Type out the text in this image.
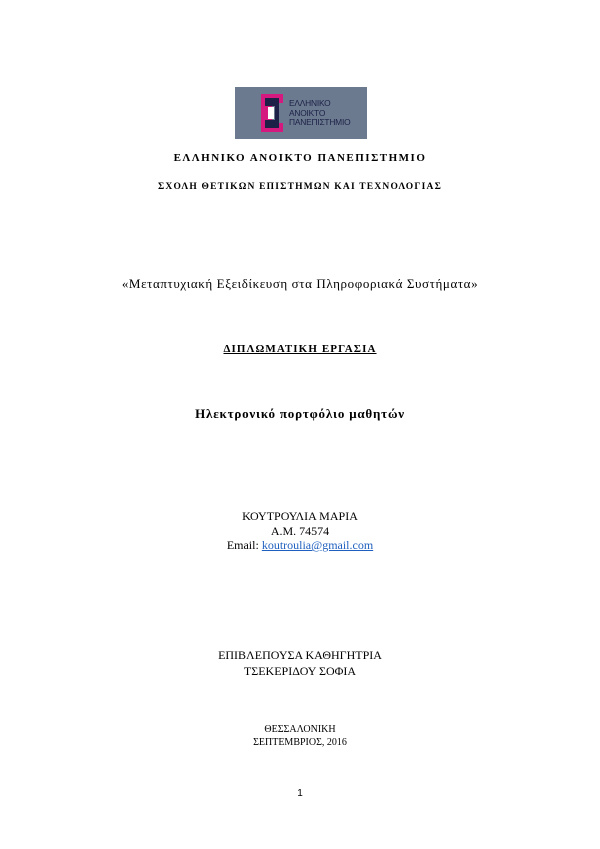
ΕΛΛΗΝΙΚΟ
ΑΝΟΙΚΤΟ
ΠΑΝΕΠΙΣΤΗΜΙΟ
ΕΛΛΗΝΙΚΟ ΑΝΟΙΚΤΟ ΠΑΝΕΠΙΣΤΗΜΙΟ
ΣΧΟΛΗ ΘΕΤΙΚΩΝ ΕΠΙΣΤΗΜΩΝ ΚΑΙ ΤΕΧΝΟΛΟΓΙΑΣ
«Μεταπτυχιακή Εξειδίκευση στα Πληροφοριακά Συστήματα»
ΔΙΠΛΩΜΑΤΙΚΗ ΕΡΓΑΣΙΑ
Ηλεκτρονικό πορτφόλιο μαθητών
ΚΟΥΤΡΟΥΛΙΑ ΜΑΡΙΑ
Α.Μ. 74574
Email: koutroulia@gmail.com
ΕΠΙΒΛΕΠΟΥΣΑ ΚΑΘΗΓΗΤΡΙΑ
ΤΣΕΚΕΡΙΔΟΥ ΣΟΦΙΑ
ΘΕΣΣΑΛΟΝΙΚΗ
ΣΕΠΤΕΜΒΡΙΟΣ, 2016
1
